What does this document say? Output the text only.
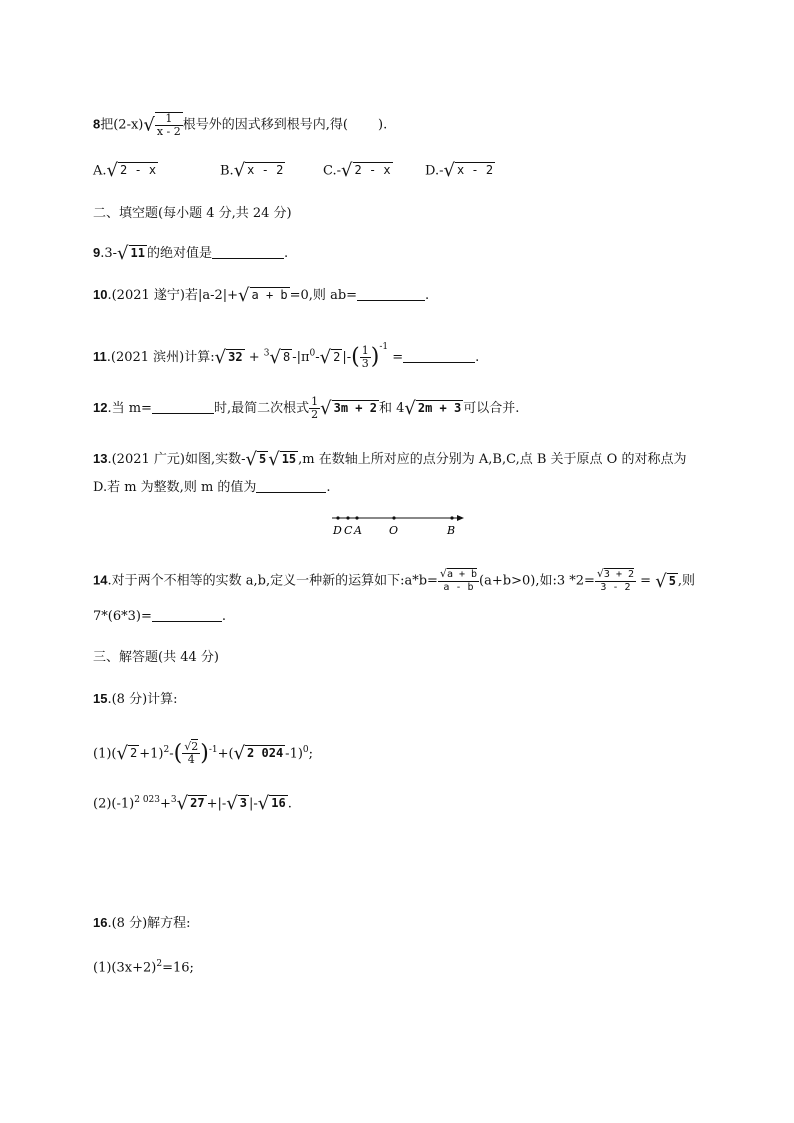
8把$(2-x)√ \frac{1}{x - 2}$ 根号外的因式移到根号内,得( ).
A.√ 2 - x	B.√ x - 2	C.-√ 2 - x	D.-√ x - 2
二、填空题(每小题 4 分,共 24 分)
9.3-√ 11 的绝对值是	.
10.(2021 遂宁)若|a-2|+√ a + b =0,则 ab=	.
11.(2021 滨州)计算:√ 32 + $^3$√ 8 $-|\pi^0-√$ 2 |-( $\frac{1}{3} )^{-1}$ =	.
12.当 m=	时,最简二次根式 $\frac{1}{2}$ √ 3m + 2 和 4√ 2m + 3 可以合并.
13.(2021 广元)如图,实数-√ 5 √ 15 ,m 在数轴上所对应的点分别为 A,B,C,点 B 关于原点 O 的对称点为
D.若 m 为整数,则 m 的值为	.
D C A O	B
14.对于两个不相等的实数 a,b,定义一种新的运算如下:a*b= $\frac{√a + b}{a - b} (a+b>0)$,如:3 $*2= \frac{√3 + 2}{3 - 2}$ = √ 5 ,则
7*(6*3)=	.
三、解答题(共 44 分)
15.(8 分)计算:
(1)(√ $2 +1)^2-( \frac{√2}{4} )^{-1}+(√$ 2 024 -1)$^0$;
$(2)(-1)^{2 023}+^3√$ 27 +|-√ 3 |-√ 16 .
16.(8 分)解方程:
$(1)(3x+2)^2=16$;
